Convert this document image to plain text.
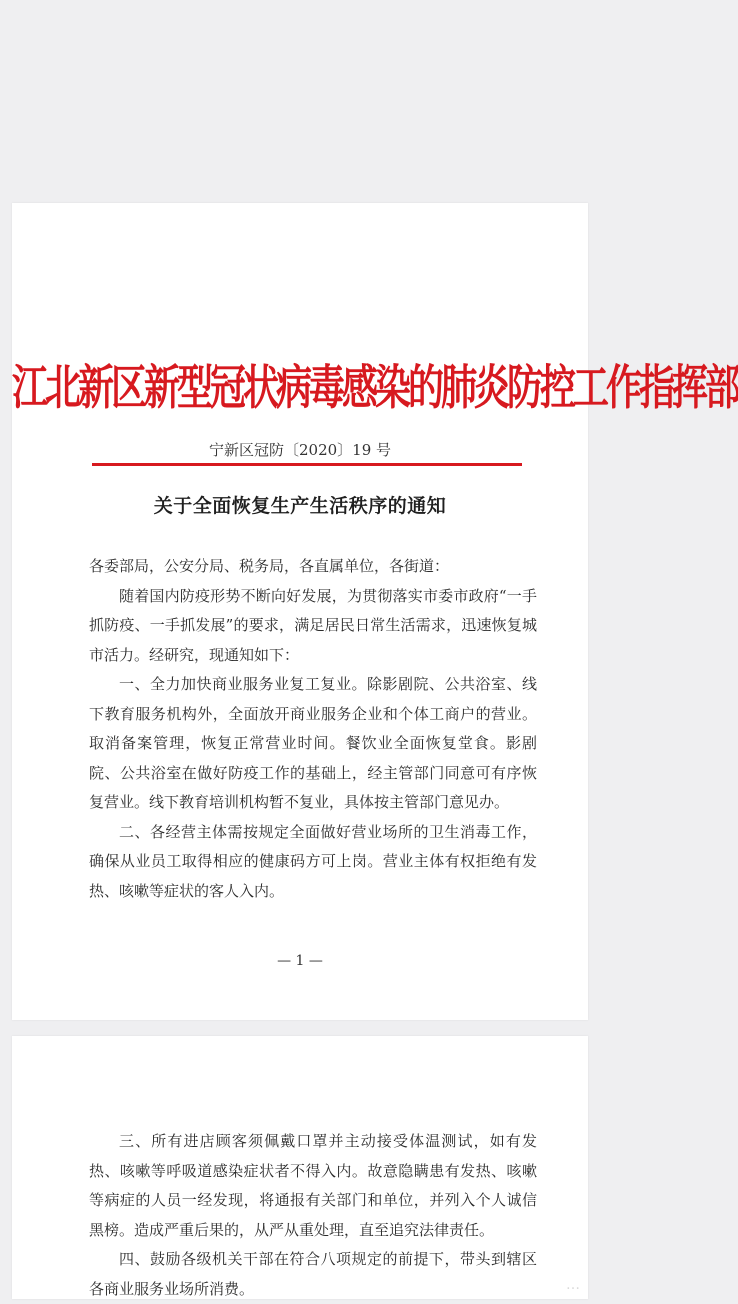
江北新区新型冠状病毒感染的肺炎防控工作指挥部
宁新区冠防〔2020〕19 号
关于全面恢复生产生活秩序的通知

各委部局，公安分局、税务局，各直属单位，各街道：

随着国内防疫形势不断向好发展，为贯彻落实市委市政府“一手抓防疫、一手抓发展”的要求，满足居民日常生活需求，迅速恢复城市活力。经研究，现通知如下：

一、全力加快商业服务业复工复业。除影剧院、公共浴室、线下教育服务机构外，全面放开商业服务企业和个体工商户的营业。取消备案管理，恢复正常营业时间。餐饮业全面恢复堂食。影剧院、公共浴室在做好防疫工作的基础上，经主管部门同意可有序恢复营业。线下教育培训机构暂不复业，具体按主管部门意见办。

二、各经营主体需按规定全面做好营业场所的卫生消毒工作，确保从业员工取得相应的健康码方可上岗。营业主体有权拒绝有发热、咳嗽等症状的客人入内。

— 1 —

三、所有进店顾客须佩戴口罩并主动接受体温测试，如有发热、咳嗽等呼吸道感染症状者不得入内。故意隐瞒患有发热、咳嗽等病症的人员一经发现，将通报有关部门和单位，并列入个人诚信黑榜。造成严重后果的，从严从重处理，直至追究法律责任。

四、鼓励各级机关干部在符合八项规定的前提下，带头到辖区各商业服务业场所消费。	…
